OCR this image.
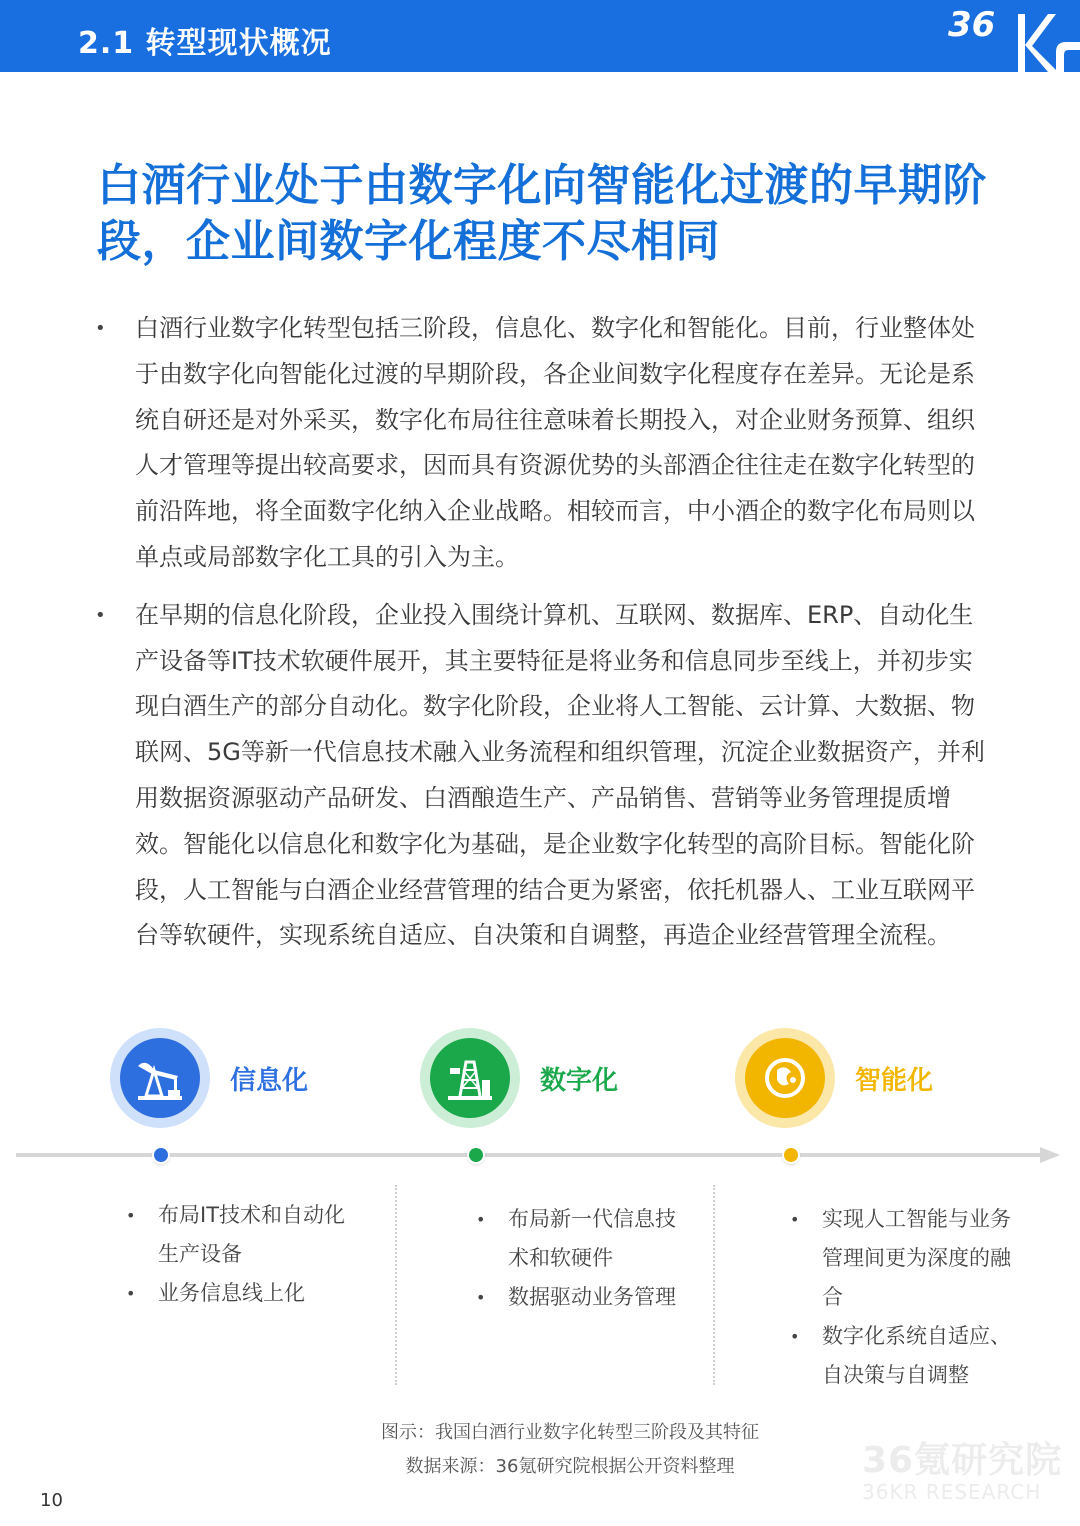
2.1 转型现状概况	36
白酒行业处于由数字化向智能化过渡的早期阶段，企业间数字化程度不尽相同
• 白酒行业数字化转型包括三阶段，信息化、数字化和智能化。目前，行业整体处于由数字化向智能化过渡的早期阶段，各企业间数字化程度存在差异。无论是系统自研还是对外采买，数字化布局往往意味着长期投入，对企业财务预算、组织人才管理等提出较高要求，因而具有资源优势的头部酒企往往走在数字化转型的前沿阵地，将全面数字化纳入企业战略。相较而言，中小酒企的数字化布局则以单点或局部数字化工具的引入为主。
• 在早期的信息化阶段，企业投入围绕计算机、互联网、数据库、ERP、自动化生产设备等IT技术软硬件展开，其主要特征是将业务和信息同步至线上，并初步实现白酒生产的部分自动化。数字化阶段，企业将人工智能、云计算、大数据、物联网、5G等新一代信息技术融入业务流程和组织管理，沉淀企业数据资产，并利用数据资源驱动产品研发、白酒酿造生产、产品销售、营销等业务管理提质增效。智能化以信息化和数字化为基础，是企业数字化转型的高阶目标。智能化阶段，人工智能与白酒企业经营管理的结合更为紧密，依托机器人、工业互联网平台等软硬件，实现系统自适应、自决策和自调整，再造企业经营管理全流程。
信息化	数字化	智能化
• 布局IT技术和自动化生产设备
• 业务信息线上化
• 布局新一代信息技术和软硬件
• 数据驱动业务管理
• 实现人工智能与业务管理间更为深度的融合
• 数字化系统自适应、自决策与自调整
图示：我国白酒行业数字化转型三阶段及其特征
数据来源：36氪研究院根据公开资料整理	36氪研究院
36KR RESEARCH
10
